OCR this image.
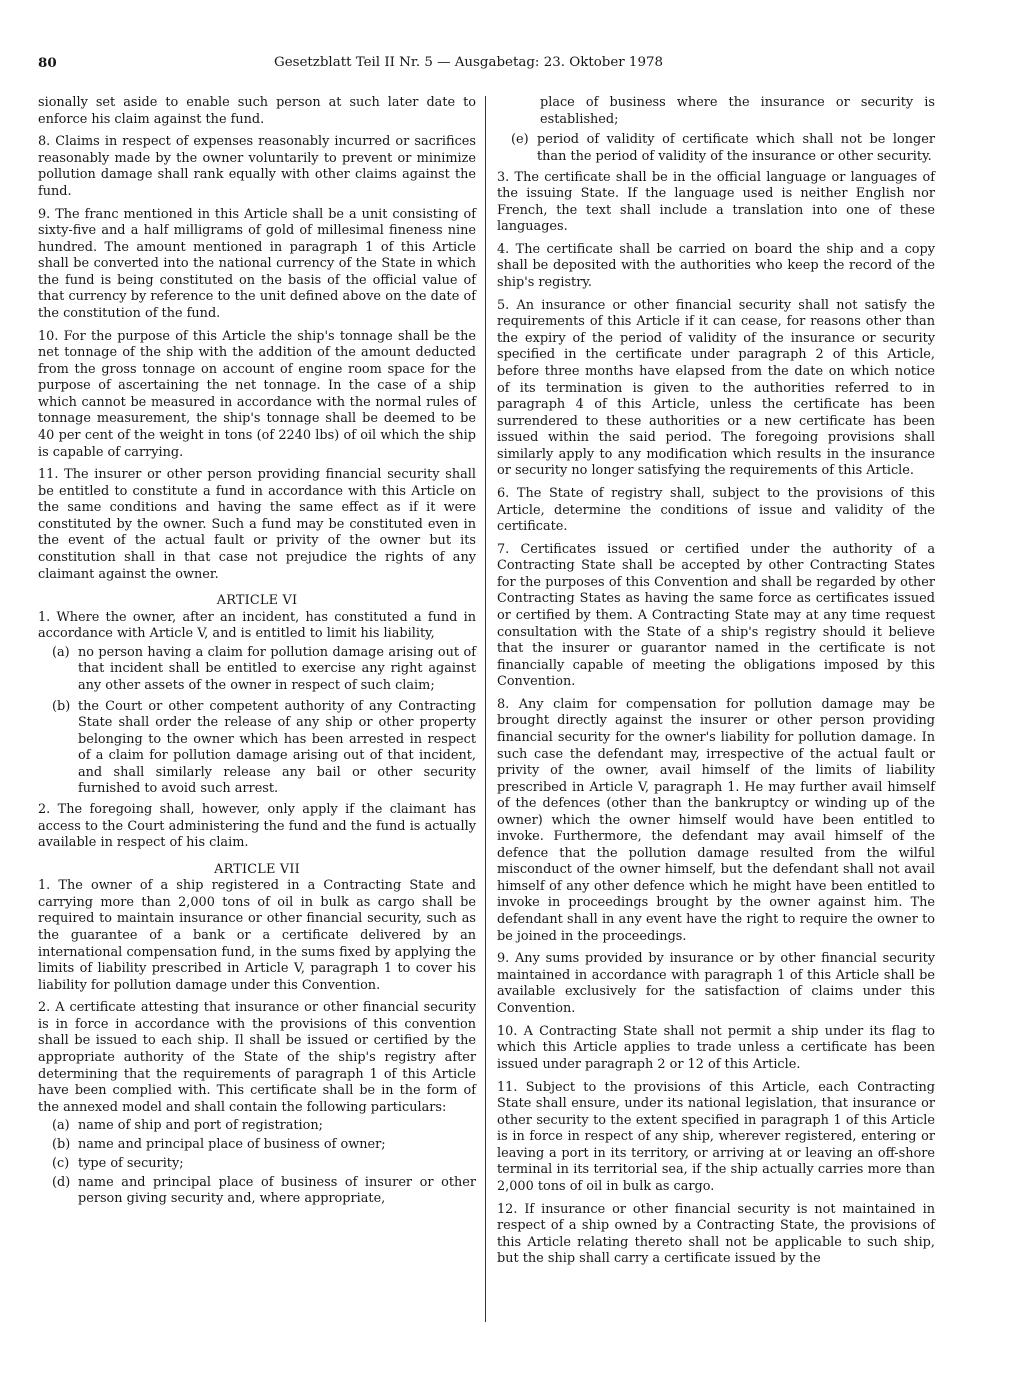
80	Gesetzblatt Teil II Nr. 5 — Ausgabetag: 23. Oktober 1978

sionally set aside to enable such person at such later date to enforce his claim against the fund.

8. Claims in respect of expenses reasonably incurred or sacrifices reasonably made by the owner voluntarily to prevent or minimize pollution damage shall rank equally with other claims against the fund.

9. The franc mentioned in this Article shall be a unit consisting of sixty-five and a half milligrams of gold of millesimal fineness nine hundred. The amount mentioned in paragraph 1 of this Article shall be converted into the national currency of the State in which the fund is being constituted on the basis of the official value of that currency by reference to the unit defined above on the date of the constitution of the fund.

10. For the purpose of this Article the ship's tonnage shall be the net tonnage of the ship with the addition of the amount deducted from the gross tonnage on account of engine room space for the purpose of ascertaining the net tonnage. In the case of a ship which cannot be measured in accordance with the normal rules of tonnage measurement, the ship's tonnage shall be deemed to be 40 per cent of the weight in tons (of 2240 lbs) of oil which the ship is capable of carrying.

11. The insurer or other person providing financial security shall be entitled to constitute a fund in accordance with this Article on the same conditions and having the same effect as if it were constituted by the owner. Such a fund may be constituted even in the event of the actual fault or privity of the owner but its constitution shall in that case not prejudice the rights of any claimant against the owner.

ARTICLE VI

1. Where the owner, after an incident, has constituted a fund in accordance with Article V, and is entitled to limit his liability,

(a) no person having a claim for pollution damage arising out of that incident shall be entitled to exercise any right against any other assets of the owner in respect of such claim;
(b) the Court or other competent authority of any Contracting State shall order the release of any ship or other property belonging to the owner which has been arrested in respect of a claim for pollution damage arising out of that incident, and shall similarly release any bail or other security furnished to avoid such arrest.

2. The foregoing shall, however, only apply if the claimant has access to the Court administering the fund and the fund is actually available in respect of his claim.

ARTICLE VII

1. The owner of a ship registered in a Contracting State and carrying more than 2,000 tons of oil in bulk as cargo shall be required to maintain insurance or other financial security, such as the guarantee of a bank or a certificate delivered by an international compensation fund, in the sums fixed by applying the limits of liability prescribed in Article V, paragraph 1 to cover his liability for pollution damage under this Convention.

2. A certificate attesting that insurance or other financial security is in force in accordance with the provisions of this convention shall be issued to each ship. Il shall be issued or certified by the appropriate authority of the State of the ship's registry after determining that the requirements of paragraph 1 of this Article have been complied with. This certificate shall be in the form of the annexed model and shall contain the following particulars:

(a) name of ship and port of registration;
(b) name and principal place of business of owner;
(c) type of security;
(d) name and principal place of business of insurer or other person giving security and, where appropriate,
place of business where the insurance or security is established;
(e) period of validity of certificate which shall not be longer than the period of validity of the insurance or other security.

3. The certificate shall be in the official language or languages of the issuing State. If the language used is neither English nor French, the text shall include a translation into one of these languages.

4. The certificate shall be carried on board the ship and a copy shall be deposited with the authorities who keep the record of the ship's registry.

5. An insurance or other financial security shall not satisfy the requirements of this Article if it can cease, for reasons other than the expiry of the period of validity of the insurance or security specified in the certificate under paragraph 2 of this Article, before three months have elapsed from the date on which notice of its termination is given to the authorities referred to in paragraph 4 of this Article, unless the certificate has been surrendered to these authorities or a new certificate has been issued within the said period. The foregoing provisions shall similarly apply to any modification which results in the insurance or security no longer satisfying the requirements of this Article.

6. The State of registry shall, subject to the provisions of this Article, determine the conditions of issue and validity of the certificate.

7. Certificates issued or certified under the authority of a Contracting State shall be accepted by other Contracting States for the purposes of this Convention and shall be regarded by other Contracting States as having the same force as certificates issued or certified by them. A Contracting State may at any time request consultation with the State of a ship's registry should it believe that the insurer or guarantor named in the certificate is not financially capable of meeting the obligations imposed by this Convention.

8. Any claim for compensation for pollution damage may be brought directly against the insurer or other person providing financial security for the owner's liability for pollution damage. In such case the defendant may, irrespective of the actual fault or privity of the owner, avail himself of the limits of liability prescribed in Article V, paragraph 1. He may further avail himself of the defences (other than the bankruptcy or winding up of the owner) which the owner himself would have been entitled to invoke. Furthermore, the defendant may avail himself of the defence that the pollution damage resulted from the wilful misconduct of the owner himself, but the defendant shall not avail himself of any other defence which he might have been entitled to invoke in proceedings brought by the owner against him. The defendant shall in any event have the right to require the owner to be joined in the proceedings.

9. Any sums provided by insurance or by other financial security maintained in accordance with paragraph 1 of this Article shall be available exclusively for the satisfaction of claims under this Convention.

10. A Contracting State shall not permit a ship under its flag to which this Article applies to trade unless a certificate has been issued under paragraph 2 or 12 of this Article.

11. Subject to the provisions of this Article, each Contracting State shall ensure, under its national legislation, that insurance or other security to the extent specified in paragraph 1 of this Article is in force in respect of any ship, wherever registered, entering or leaving a port in its territory, or arriving at or leaving an off-shore terminal in its territorial sea, if the ship actually carries more than 2,000 tons of oil in bulk as cargo.

12. If insurance or other financial security is not maintained in respect of a ship owned by a Contracting State, the provisions of this Article relating thereto shall not be applicable to such ship, but the ship shall carry a certificate issued by the
